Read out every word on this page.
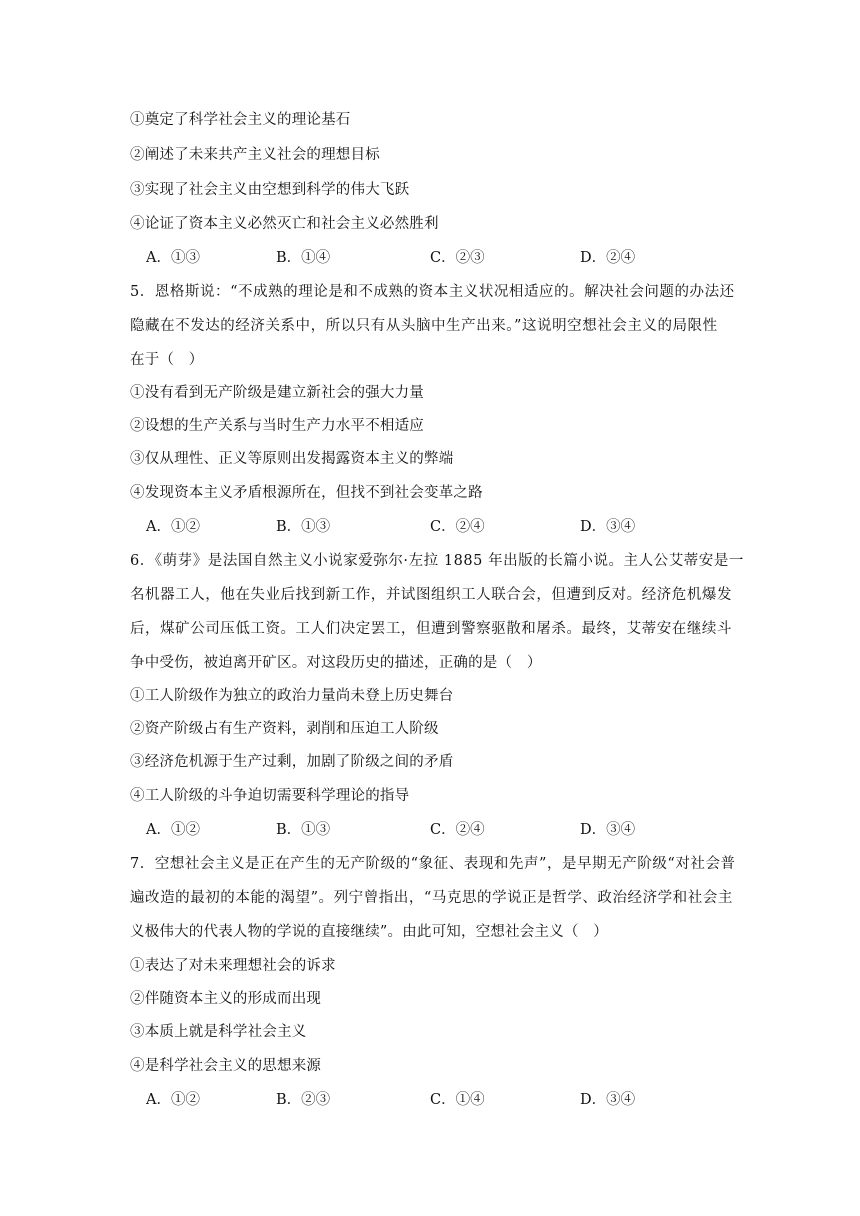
①奠定了科学社会主义的理论基石
②阐述了未来共产主义社会的理想目标
③实现了社会主义由空想到科学的伟大飞跃
④论证了资本主义必然灭亡和社会主义必然胜利
A．①③	B．①④	C．②③	D．②④
5．恩格斯说：“不成熟的理论是和不成熟的资本主义状况相适应的。解决社会问题的办法还
隐藏在不发达的经济关系中，所以只有从头脑中生产出来。”这说明空想社会主义的局限性
在于（　）
①没有看到无产阶级是建立新社会的强大力量
②设想的生产关系与当时生产力水平不相适应
③仅从理性、正义等原则出发揭露资本主义的弊端
④发现资本主义矛盾根源所在，但找不到社会变革之路
A．①②	B．①③	C．②④	D．③④
6．《萌芽》是法国自然主义小说家爱弥尔·左拉 1885 年出版的长篇小说。主人公艾蒂安是一
名机器工人，他在失业后找到新工作，并试图组织工人联合会，但遭到反对。经济危机爆发
后，煤矿公司压低工资。工人们决定罢工，但遭到警察驱散和屠杀。最终，艾蒂安在继续斗
争中受伤，被迫离开矿区。对这段历史的描述，正确的是（　）
①工人阶级作为独立的政治力量尚未登上历史舞台
②资产阶级占有生产资料，剥削和压迫工人阶级
③经济危机源于生产过剩，加剧了阶级之间的矛盾
④工人阶级的斗争迫切需要科学理论的指导
A．①②	B．①③	C．②④	D．③④
7．空想社会主义是正在产生的无产阶级的“象征、表现和先声”，是早期无产阶级“对社会普
遍改造的最初的本能的渴望”。列宁曾指出，“马克思的学说正是哲学、政治经济学和社会主
义极伟大的代表人物的学说的直接继续”。由此可知，空想社会主义（　）
①表达了对未来理想社会的诉求
②伴随资本主义的形成而出现
③本质上就是科学社会主义
④是科学社会主义的思想来源
A．①②	B．②③	C．①④	D．③④
